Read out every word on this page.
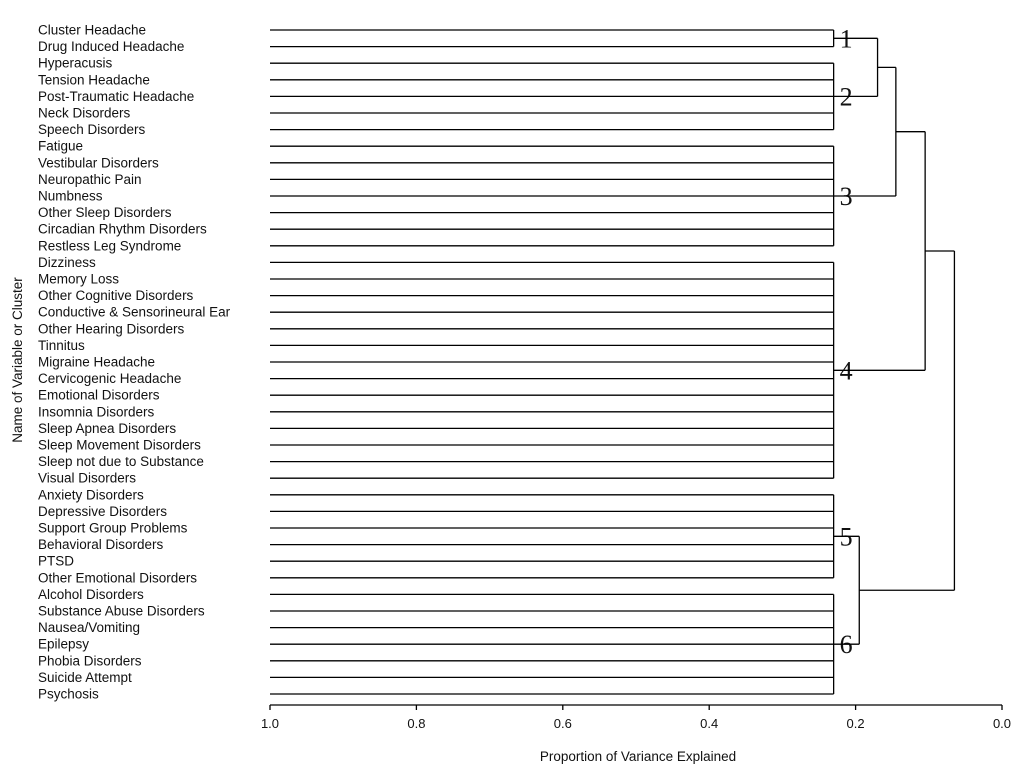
Cluster Headache
Drug Induced Headache
Hyperacusis
Tension Headache
Post-Traumatic Headache
Neck Disorders
Speech Disorders
Fatigue
Vestibular Disorders
Neuropathic Pain
Numbness
Other Sleep Disorders
Circadian Rhythm Disorders
Restless Leg Syndrome
Dizziness
Memory Loss
Other Cognitive Disorders
Conductive & Sensorineural Ear
Other Hearing Disorders
Tinnitus
Migraine Headache
Cervicogenic Headache
Emotional Disorders
Insomnia Disorders
Sleep Apnea Disorders
Sleep Movement Disorders
Sleep not due to Substance
Visual Disorders
Anxiety Disorders
Depressive Disorders
Support Group Problems
Behavioral Disorders
PTSD
Other Emotional Disorders
Alcohol Disorders
Substance Abuse Disorders
Nausea/Vomiting
Epilepsy
Phobia Disorders
Suicide Attempt
Psychosis
1
2
3
4
5
6
1.0	0.8	0.6	0.4	0.2	0.0
Proportion of Variance Explained
Name of Variable or Cluster
